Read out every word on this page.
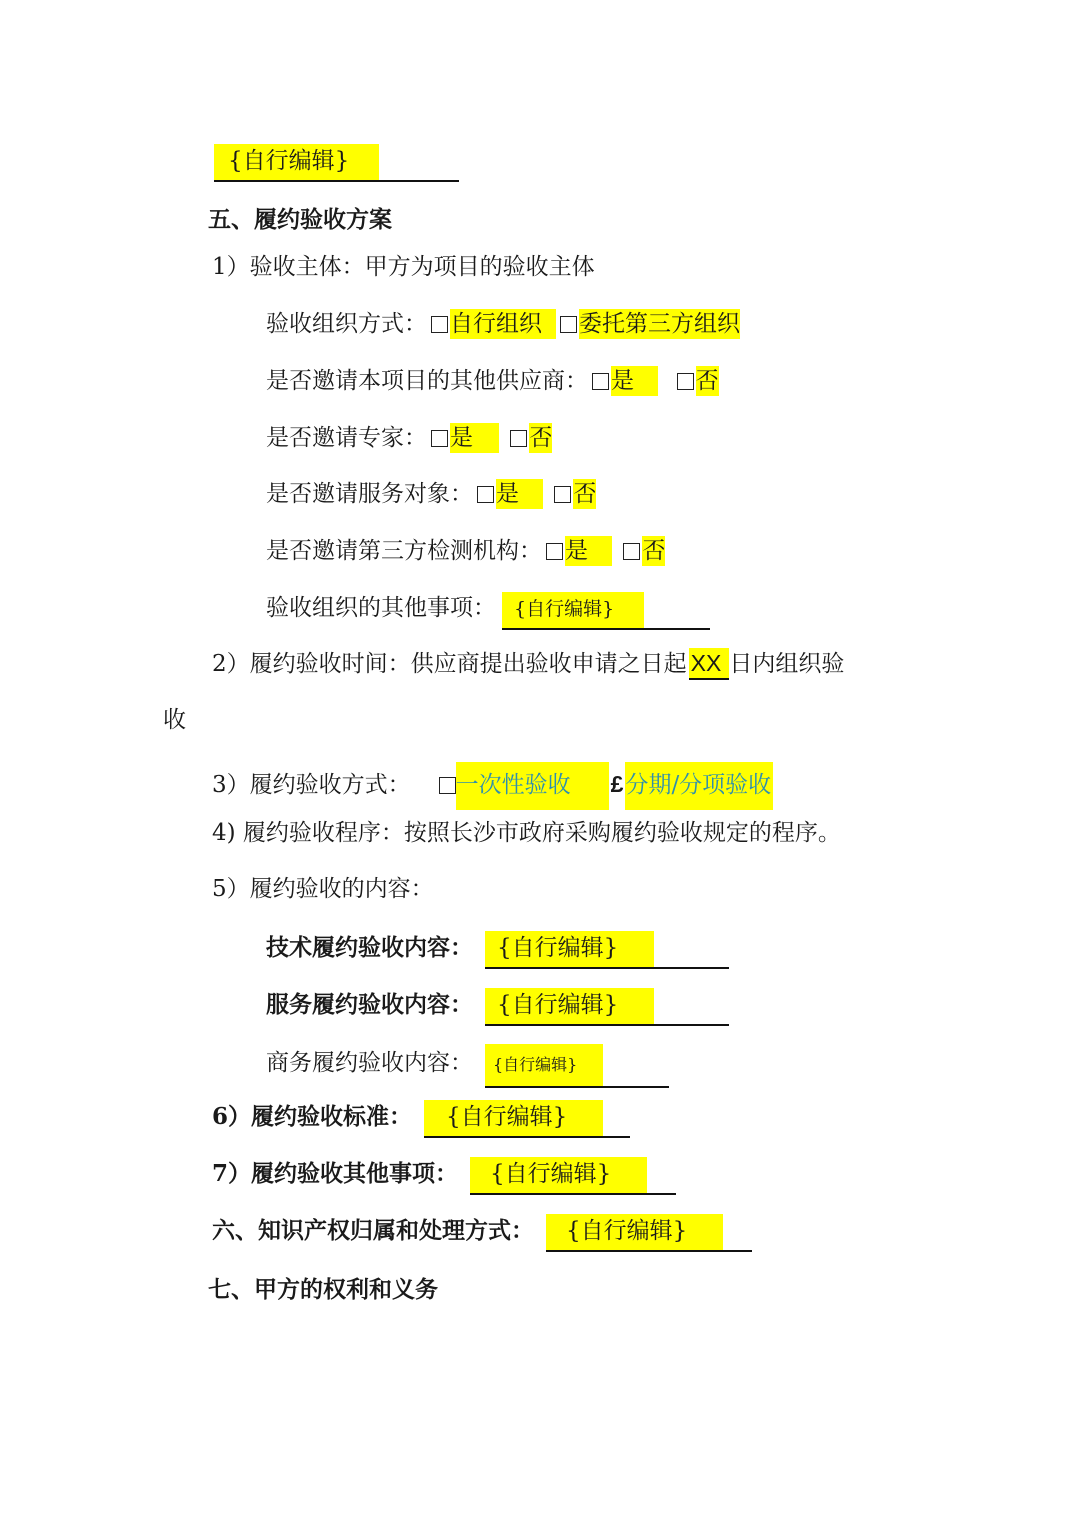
{自行编辑}
五、履约验收方案
1）验收主体：甲方为项目的验收主体
验收组织方式： 自行组织 委托第三方组织
是否邀请本项目的其他供应商： 是	否
是否邀请专家： 是 否
是否邀请服务对象： 是 否
是否邀请第三方检测机构： 是 否
验收组织的其他事项： {自行编辑}
2）履约验收时间：供应商提出验收申请之日起 XX 日内组织验
收
3）履约验收方式： 一次性验收 £分期/分项验收
4) 履约验收程序：按照长沙市政府采购履约验收规定的程序。
5）履约验收的内容：
技术履约验收内容： {自行编辑}
服务履约验收内容： {自行编辑}
商务履约验收内容： {自行编辑}
6）履约验收标准： {自行编辑}
7）履约验收其他事项： {自行编辑}
六、知识产权归属和处理方式： {自行编辑}
七、甲方的权利和义务
